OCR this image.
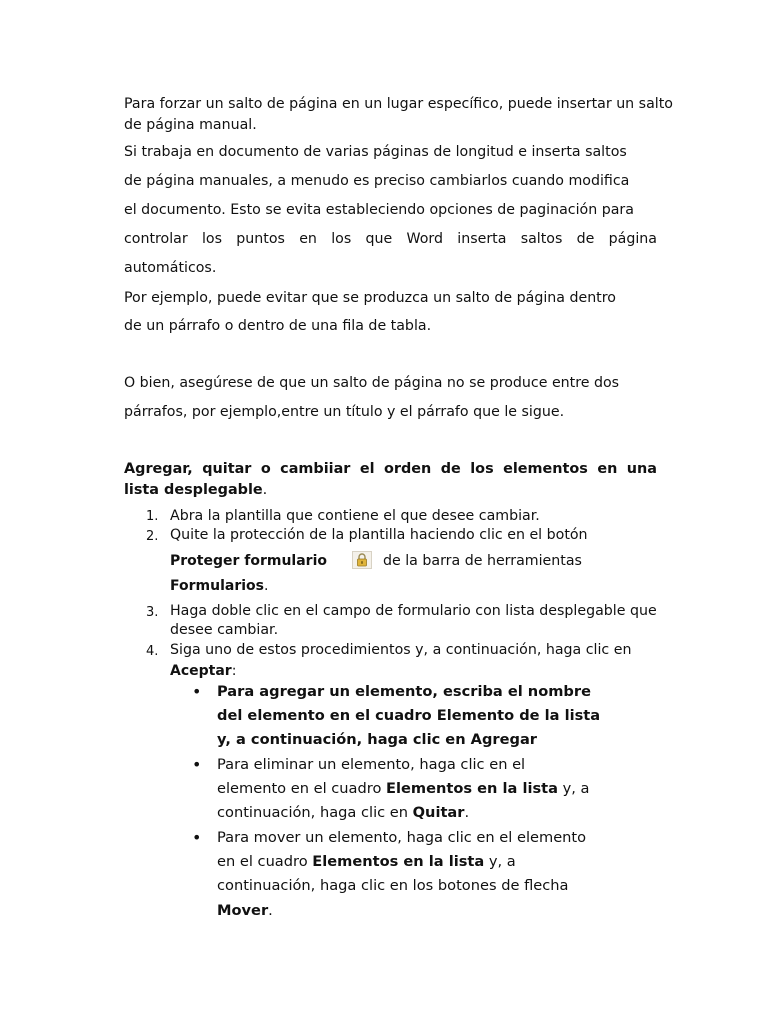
Para forzar un salto de página en un lugar específico, puede insertar un salto
de página manual.
Si trabaja en documento de varias páginas de longitud e inserta saltos
de página manuales, a menudo es preciso cambiarlos cuando modifica
el documento. Esto se evita estableciendo opciones de paginación para
controlar los puntos en los que Word inserta saltos de página
automáticos.
Por ejemplo, puede evitar que se produzca un salto de página dentro
de un párrafo o dentro de una fila de tabla.
O bien, asegúrese de que un salto de página no se produce entre dos
párrafos, por ejemplo,entre un título y el párrafo que le sigue.
Agregar, quitar o cambiiar el orden de los elementos en una
lista desplegable.
1. Abra la plantilla que contiene el que desee cambiar.
2. Quite la protección de la plantilla haciendo clic en el botón
Proteger formulario	de la barra de herramientas
Formularios.
3. Haga doble clic en el campo de formulario con lista desplegable que
desee cambiar.
4. Siga uno de estos procedimientos y, a continuación, haga clic en
Aceptar:
• Para agregar un elemento, escriba el nombre
del elemento en el cuadro Elemento de la lista
y, a continuación, haga clic en Agregar
• Para eliminar un elemento, haga clic en el
elemento en el cuadro Elementos en la lista y, a
continuación, haga clic en Quitar.
• Para mover un elemento, haga clic en el elemento
en el cuadro Elementos en la lista y, a
continuación, haga clic en los botones de flecha
Mover.
